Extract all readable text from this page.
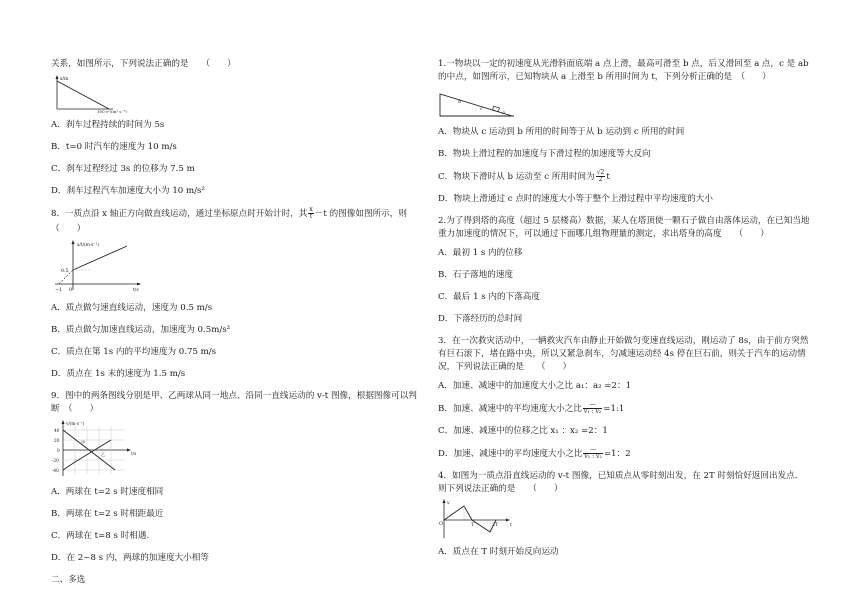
关系，如图所示，下列说法正确的是　　（　　）
x/m
100 v²/(m²·s⁻²)
A．刹车过程持续的时间为 5s
B．t=0 时汽车的速度为 10 m/s
C．刹车过程经过 3s 的位移为 7.5 m
D．刹车过程汽车加速度大小为 10 m/s²
8．一质点沿 x 轴正方向做直线运动，通过坐标原点时开始计时，其 $\frac{x}{t} -t$ 的图像如图所示，则
（　　）
x/t/(m·s⁻¹)
0.5
−1 0	t/s
A．质点做匀速直线运动，速度为 0.5 m/s
B．质点做匀加速直线运动，加速度为 0.5m/s²
C．质点在第 1s 内的平均速度为 0.75 m/s
D．质点在 1s 末的速度为 1.5 m/s
9．图中的两条图线分别是甲、乙两球从同一地点、沿同一直线运动的 v-t 图像，根据图像可以判断　（　　）
v/(m·s⁻¹)
40
20
0
-20
-40
甲
乙	t/s
A．两球在 t=2 s 时速度相同
B．两球在 t=2 s 时相距最近
C．两球在 t=8 s 时相遇.
D．在 2~8 s 内，两球的加速度大小相等
二、多选
1.一物块以一定的初速度从光滑斜面底端 a 点上滑，最高可滑至 b 点，后又滑回至 a 点，c 是 ab 的中点，如图所示，已知物块从 a 上滑至 b 所用时间为 t，下列分析正确的是　（　　）
b
c
a
A．物块从 c 运动到 b 所用的时间等于从 b 运动到 c 所用的时间
B．物块上滑过程的加速度与下滑过程的加速度等大反向
C．物块下滑时从 b 运动至 c 所用时间为 $\frac{√2}{2}$ t
D．物块上滑通过 c 点时的速度大小等于整个上滑过程中平均速度的大小
2.为了得到塔的高度（超过 5 层楼高）数据，某人在塔顶使一颗石子做自由落体运动，在已知当地重力加速度的情况下，可以通过下面哪几组物理量的测定，求出塔身的高度　　（　　）
A．最初 1 s 内的位移
B．石子落地的速度
C．最后 1 s 内的下落高度
D．下落经历的总时间
3．在一次救灾活动中，一辆救灾汽车由静止开始做匀变速直线运动，刚运动了 8s，由于前方突然有巨石滚下，堵在路中央，所以又紧急刹车，匀减速运动经 4s 停在巨石前，则关于汽车的运动情况，下列说法正确的是　　（　　）
A．加速、减速中的加速度大小之比 a₁：a₂ =2：1
B．加速、减速中的平均速度大小之比 $\frac{—}{\text{v₁ : v₂}}$ =1:1
C．加速、减速中的位移之比 x₁ ：x₂ =2：1
D．加速、减速中的平均速度大小之比 $\frac{—}{\text{v₁ : v₂}} =1$：2
4．如图为一质点沿直线运动的 v-t 图像，已知质点从零时刻出发，在 2T 时刻恰好返回出发点．则下列说法正确的是　　（　　）
v
O	T	2T t
A．质点在 T 时刻开始反向运动
